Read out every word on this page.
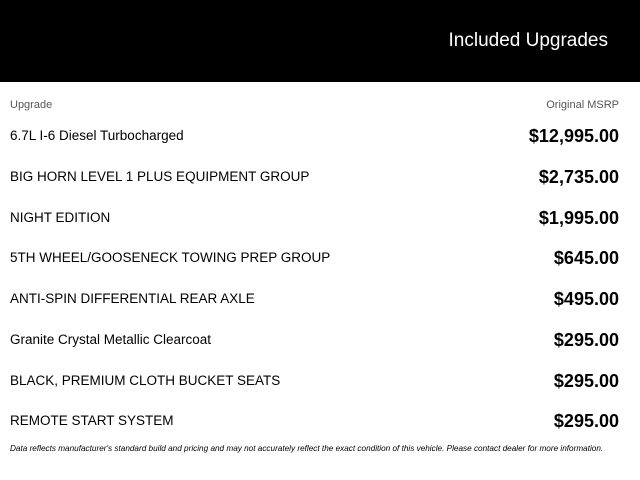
Included Upgrades
Upgrade	Original MSRP
6.7L I-6 Diesel Turbocharged	$12,995.00
BIG HORN LEVEL 1 PLUS EQUIPMENT GROUP	$2,735.00
NIGHT EDITION	$1,995.00
5TH WHEEL/GOOSENECK TOWING PREP GROUP	$645.00
ANTI-SPIN DIFFERENTIAL REAR AXLE	$495.00
Granite Crystal Metallic Clearcoat	$295.00
BLACK, PREMIUM CLOTH BUCKET SEATS	$295.00
REMOTE START SYSTEM	$295.00
Data reflects manufacturer's standard build and pricing and may not accurately reflect the exact condition of this vehicle. Please contact dealer for more information.
